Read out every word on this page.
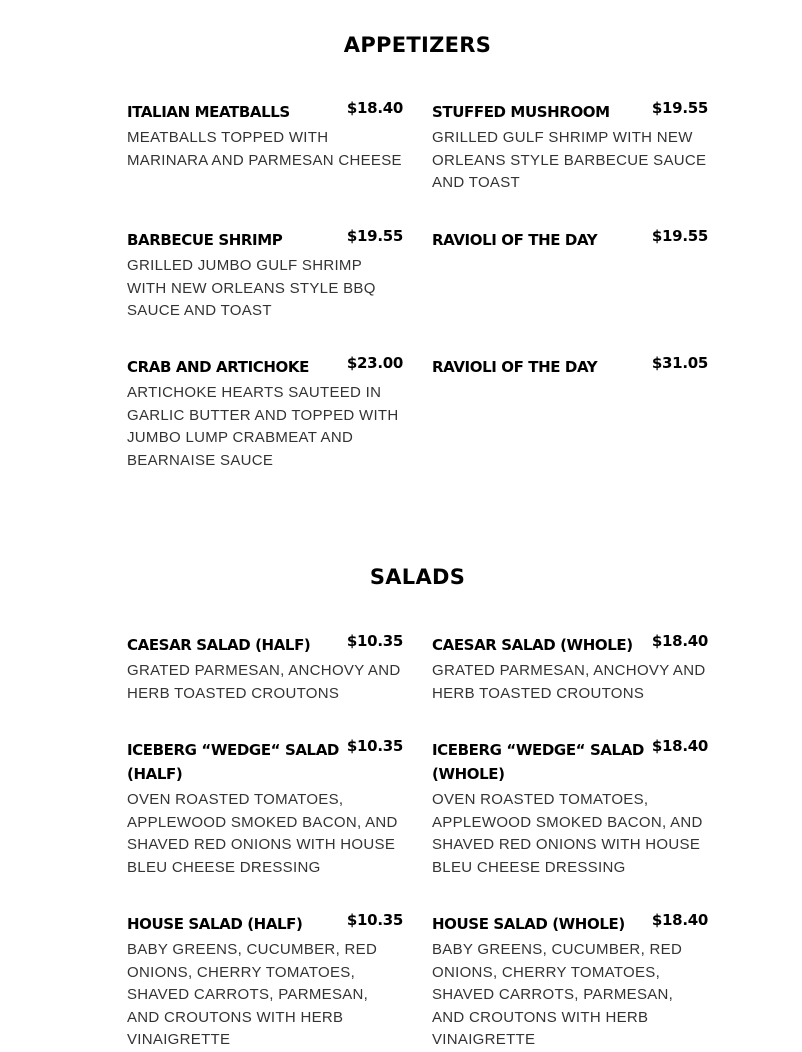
APPETIZERS
ITALIAN MEATBALLS	$18.40
MEATBALLS TOPPED WITH MARINARA AND PARMESAN CHEESE
STUFFED MUSHROOM	$19.55
GRILLED GULF SHRIMP WITH NEW ORLEANS STYLE BARBECUE SAUCE AND TOAST
BARBECUE SHRIMP	$19.55
GRILLED JUMBO GULF SHRIMP WITH NEW ORLEANS STYLE BBQ SAUCE AND TOAST
RAVIOLI OF THE DAY	$19.55
CRAB AND ARTICHOKE	$23.00
ARTICHOKE HEARTS SAUTEED IN GARLIC BUTTER AND TOPPED WITH JUMBO LUMP CRABMEAT AND BEARNAISE SAUCE
RAVIOLI OF THE DAY	$31.05
SALADS
CAESAR SALAD (HALF)	$10.35
GRATED PARMESAN, ANCHOVY AND HERB TOASTED CROUTONS
CAESAR SALAD (WHOLE)	$18.40
GRATED PARMESAN, ANCHOVY AND HERB TOASTED CROUTONS
ICEBERG “WEDGE“ SALAD (HALF)
$10.35
OVEN ROASTED TOMATOES, APPLEWOOD SMOKED BACON, AND SHAVED RED ONIONS WITH HOUSE BLEU CHEESE DRESSING
ICEBERG “WEDGE“ SALAD (WHOLE)
$18.40
OVEN ROASTED TOMATOES, APPLEWOOD SMOKED BACON, AND SHAVED RED ONIONS WITH HOUSE BLEU CHEESE DRESSING
HOUSE SALAD (HALF)	$10.35
BABY GREENS, CUCUMBER, RED ONIONS, CHERRY TOMATOES, SHAVED CARROTS, PARMESAN, AND CROUTONS WITH HERB VINAIGRETTE
HOUSE SALAD (WHOLE)	$18.40
BABY GREENS, CUCUMBER, RED ONIONS, CHERRY TOMATOES, SHAVED CARROTS, PARMESAN, AND CROUTONS WITH HERB VINAIGRETTE
